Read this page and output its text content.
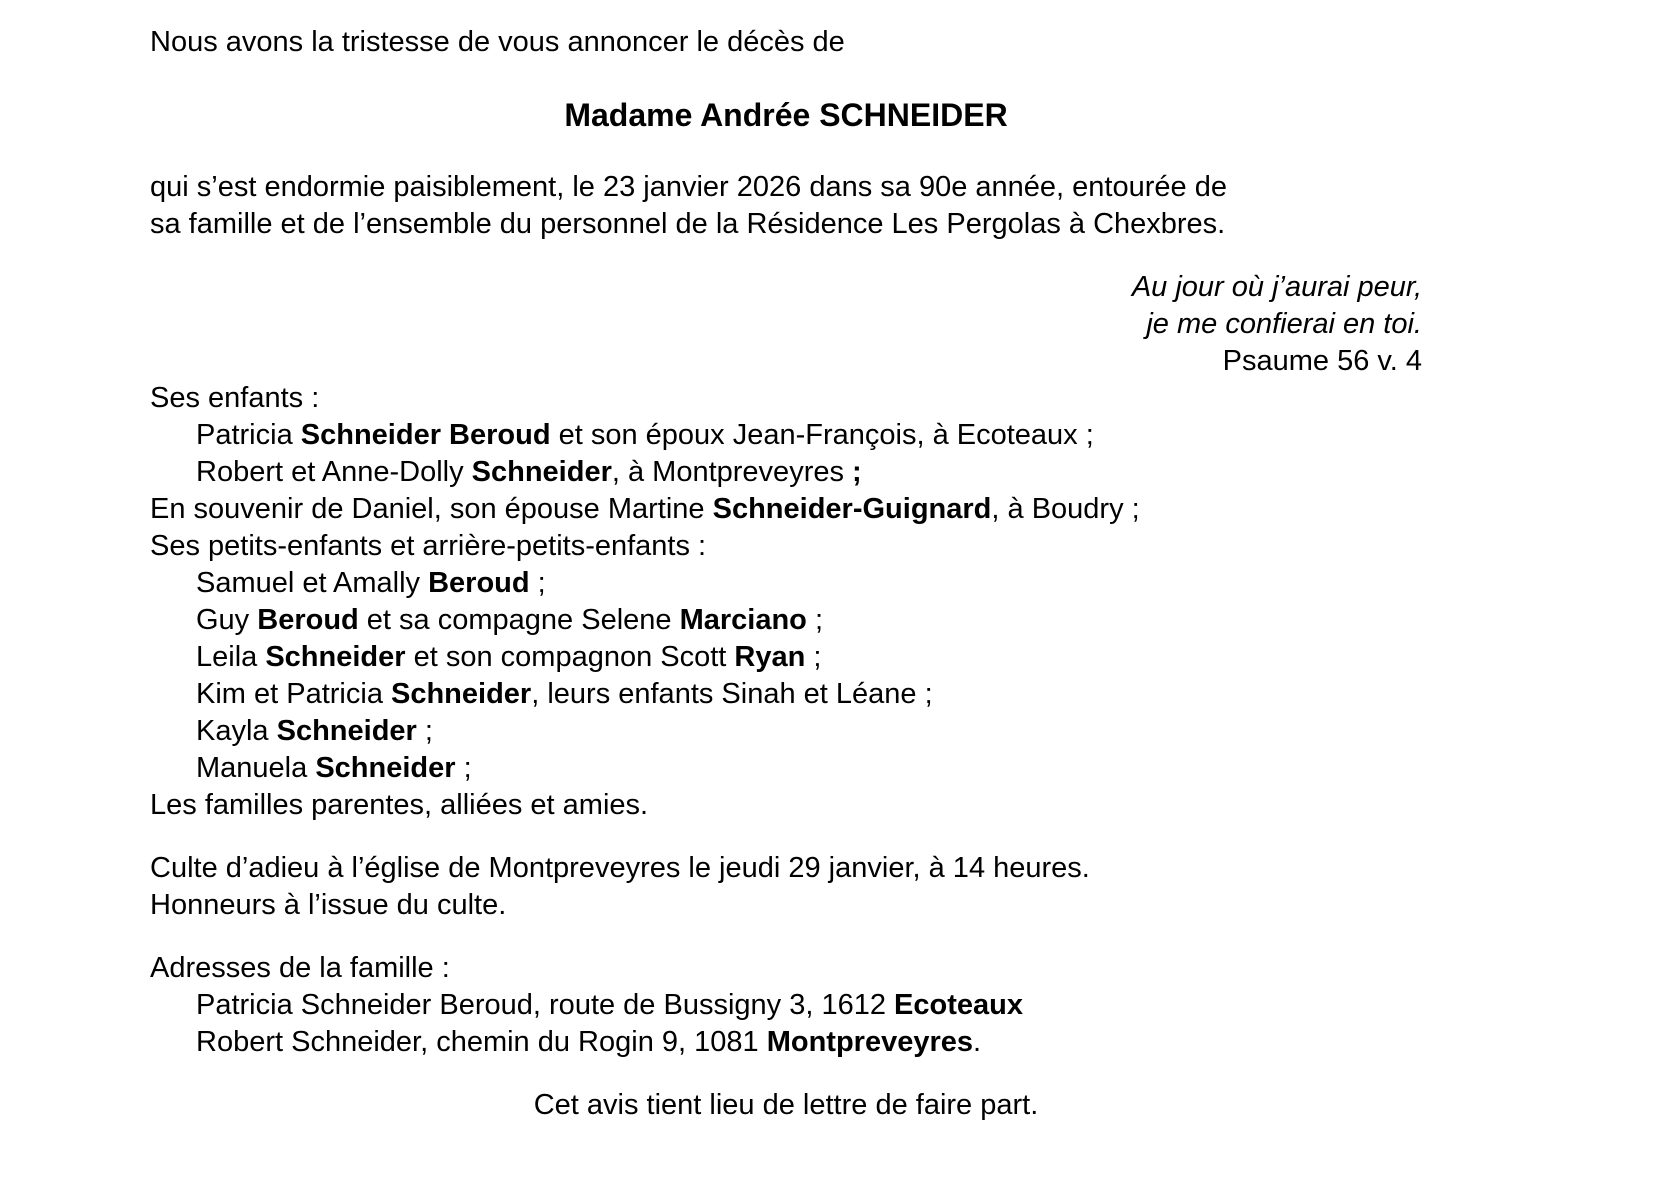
Nous avons la tristesse de vous annoncer le décès de

Madame Andrée SCHNEIDER

qui s’est endormie paisiblement, le 23 janvier 2026 dans sa 90e année, entourée de

sa famille et de l’ensemble du personnel de la Résidence Les Pergolas à Chexbres.

Au jour où j’aurai peur,

je me confierai en toi.

Psaume 56 v. 4

Ses enfants :

Patricia Schneider Beroud et son époux Jean-François, à Ecoteaux ;

Robert et Anne-Dolly Schneider, à Montpreveyres ;

En souvenir de Daniel, son épouse Martine Schneider-Guignard, à Boudry ;

Ses petits-enfants et arrière-petits-enfants :

Samuel et Amally Beroud ;

Guy Beroud et sa compagne Selene Marciano ;

Leila Schneider et son compagnon Scott Ryan ;

Kim et Patricia Schneider, leurs enfants Sinah et Léane ;

Kayla Schneider ;

Manuela Schneider ;

Les familles parentes, alliées et amies.

Culte d’adieu à l’église de Montpreveyres le jeudi 29 janvier, à 14 heures.

Honneurs à l’issue du culte.

Adresses de la famille :

Patricia Schneider Beroud, route de Bussigny 3, 1612 Ecoteaux

Robert Schneider, chemin du Rogin 9, 1081 Montpreveyres.

Cet avis tient lieu de lettre de faire part.
